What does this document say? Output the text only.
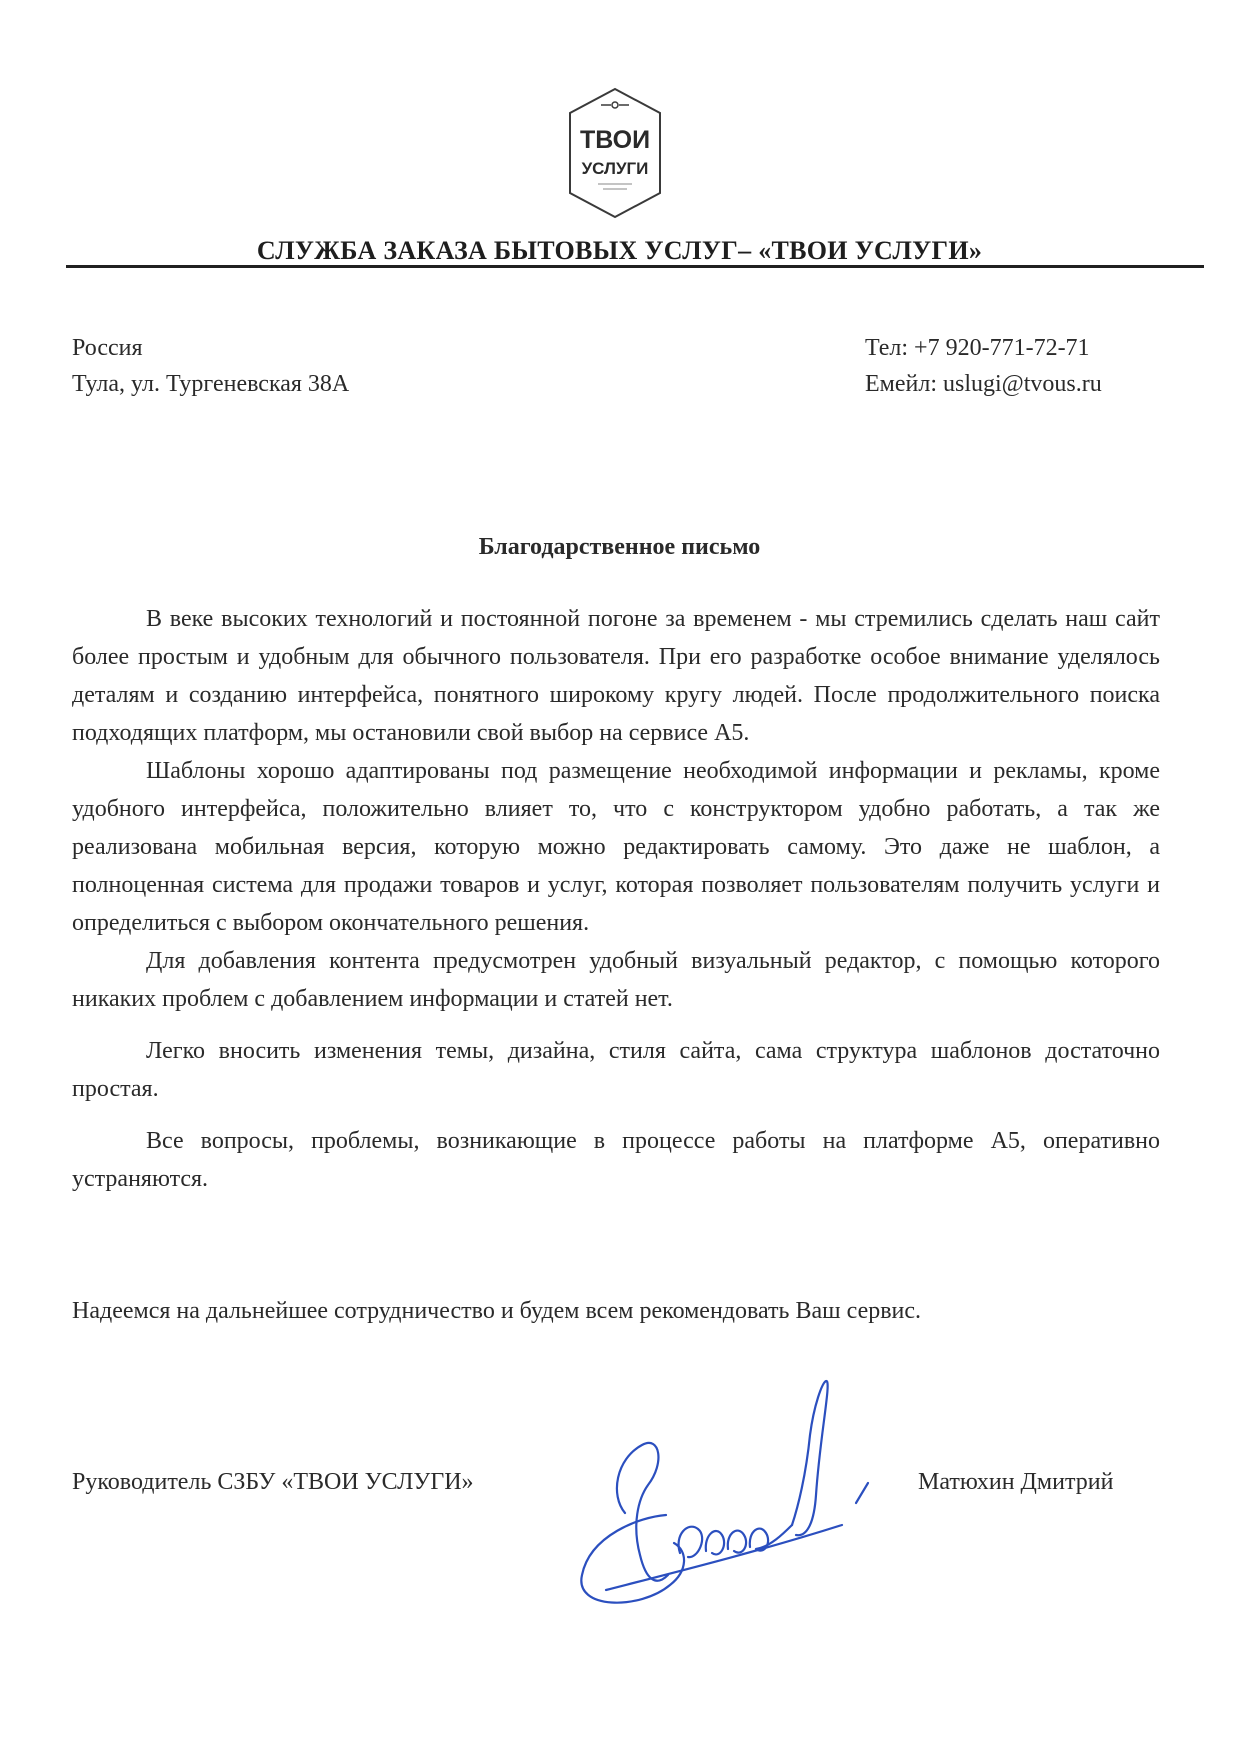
ТВОИ
УСЛУГИ
СЛУЖБА ЗАКАЗА БЫТОВЫХ УСЛУГ– «ТВОИ УСЛУГИ»
Россия
Тула, ул. Тургеневская 38А
Тел: +7 920-771-72-71
Емейл: uslugi@tvous.ru
Благодарственное письмо

В веке высоких технологий и постоянной погоне за временем - мы стремились сделать наш сайт более простым и удобным для обычного пользователя. При его разработке особое внимание уделялось деталям и созданию интерфейса, понятного широкому кругу людей. После продолжительного поиска подходящих платформ, мы остановили свой выбор на сервисе А5.

Шаблоны хорошо адаптированы под размещение необходимой информации и рекламы, кроме удобного интерфейса, положительно влияет то, что с конструктором удобно работать, а так же реализована мобильная версия, которую можно редактировать самому. Это даже не шаблон, а полноценная система для продажи товаров и услуг, которая позволяет пользователям получить услуги и определиться с выбором окончательного решения.

Для добавления контента предусмотрен удобный визуальный редактор, с помощью которого никаких проблем с добавлением информации и статей нет.

Легко вносить изменения темы, дизайна, стиля сайта, сама структура шаблонов достаточно простая.

Все вопросы, проблемы, возникающие в процессе работы на платформе А5, оперативно устраняются.

Надеемся на дальнейшее сотрудничество и будем всем рекомендовать Ваш сервис.
Руководитель СЗБУ «ТВОИ УСЛУГИ»	Матюхин Дмитрий
